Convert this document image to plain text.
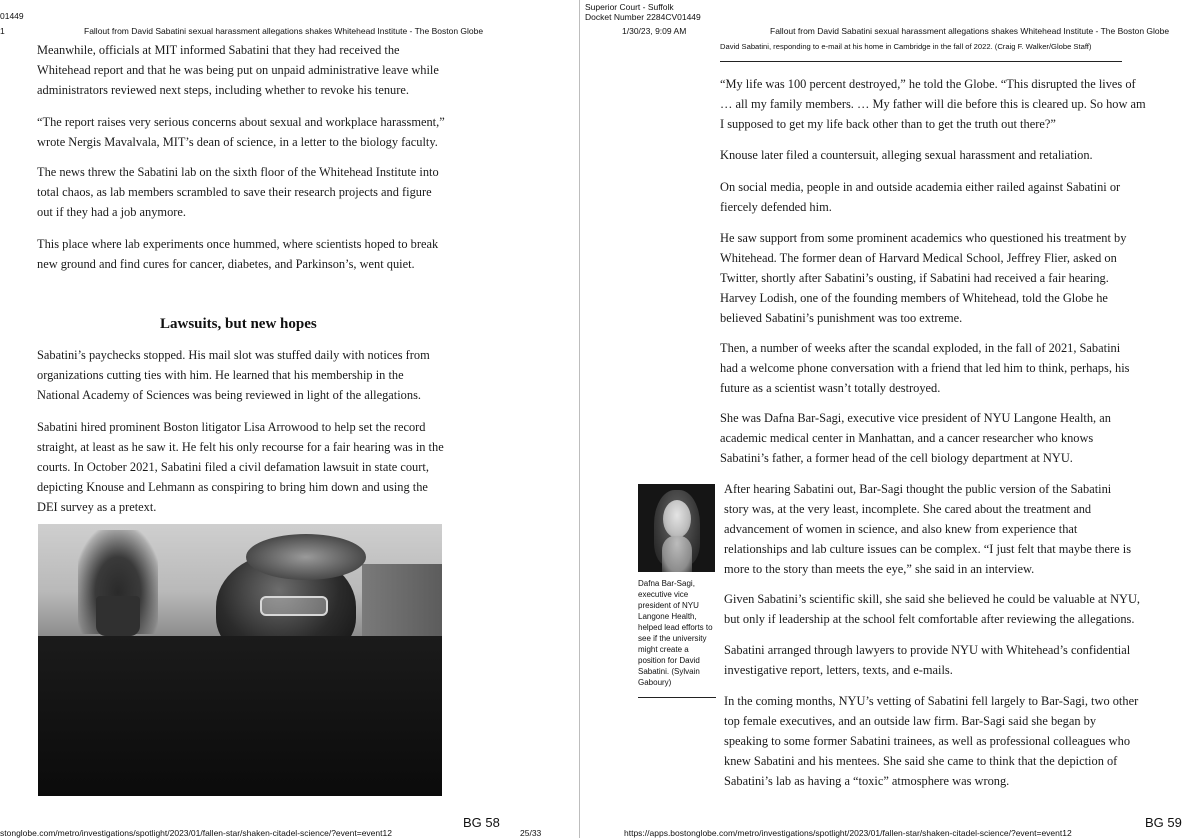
01449
1	Fallout from David Sabatini sexual harassment allegations shakes Whitehead Institute - The Boston Globe
Meanwhile, officials at MIT informed Sabatini that they had received the
Whitehead report and that he was being put on unpaid administrative leave while
administrators reviewed next steps, including whether to revoke his tenure.
“The report raises very serious concerns about sexual and workplace harassment,”
wrote Nergis Mavalvala, MIT’s dean of science, in a letter to the biology faculty.
The news threw the Sabatini lab on the sixth floor of the Whitehead Institute into
total chaos, as lab members scrambled to save their research projects and figure
out if they had a job anymore.
This place where lab experiments once hummed, where scientists hoped to break
new ground and find cures for cancer, diabetes, and Parkinson’s, went quiet.
Lawsuits, but new hopes
Sabatini’s paychecks stopped. His mail slot was stuffed daily with notices from
organizations cutting ties with him. He learned that his membership in the
National Academy of Sciences was being reviewed in light of the allegations.
Sabatini hired prominent Boston litigator Lisa Arrowood to help set the record
straight, at least as he saw it. He felt his only recourse for a fair hearing was in the
courts. In October 2021, Sabatini filed a civil defamation lawsuit in state court,
depicting Knouse and Lehmann as conspiring to bring him down and using the
DEI survey as a pretext.
BG 58
stonglobe.com/metro/investigations/spotlight/2023/01/fallen-star/shaken-citadel-science/?event=event12	25/33
Superior Court - Suffolk
Docket Number 2284CV01449
1/30/23, 9:09 AM	Fallout from David Sabatini sexual harassment allegations shakes Whitehead Institute - The Boston Globe
David Sabatini, responding to e-mail at his home in Cambridge in the fall of 2022. (Craig F. Walker/Globe Staff)
“My life was 100 percent destroyed,” he told the Globe. “This disrupted the lives of
… all my family members. … My father will die before this is cleared up. So how am
I supposed to get my life back other than to get the truth out there?”
Knouse later filed a countersuit, alleging sexual harassment and retaliation.
On social media, people in and outside academia either railed against Sabatini or
fiercely defended him.
He saw support from some prominent academics who questioned his treatment by
Whitehead. The former dean of Harvard Medical School, Jeffrey Flier, asked on
Twitter, shortly after Sabatini’s ousting, if Sabatini had received a fair hearing.
Harvey Lodish, one of the founding members of Whitehead, told the Globe he
believed Sabatini’s punishment was too extreme.
Then, a number of weeks after the scandal exploded, in the fall of 2021, Sabatini
had a welcome phone conversation with a friend that led him to think, perhaps, his
future as a scientist wasn’t totally destroyed.
She was Dafna Bar-Sagi, executive vice president of NYU Langone Health, an
academic medical center in Manhattan, and a cancer researcher who knows
Sabatini’s father, a former head of the cell biology department at NYU.
Dafna Bar-Sagi,
executive vice
president of NYU
Langone Health,
helped lead efforts to
see if the university
might create a
position for David
Sabatini. (Sylvain
Gaboury)
After hearing Sabatini out, Bar-Sagi thought the public version of the Sabatini
story was, at the very least, incomplete. She cared about the treatment and
advancement of women in science, and also knew from experience that
relationships and lab culture issues can be complex. “I just felt that maybe there is
more to the story than meets the eye,” she said in an interview.
Given Sabatini’s scientific skill, she said she believed he could be valuable at NYU,
but only if leadership at the school felt comfortable after reviewing the allegations.
Sabatini arranged through lawyers to provide NYU with Whitehead’s confidential
investigative report, letters, texts, and e-mails.
In the coming months, NYU’s vetting of Sabatini fell largely to Bar-Sagi, two other
top female executives, and an outside law firm. Bar-Sagi said she began by
speaking to some former Sabatini trainees, as well as professional colleagues who
knew Sabatini and his mentees. She said she came to think that the depiction of
Sabatini’s lab as having a “toxic” atmosphere was wrong.
BG 59
https://apps.bostonglobe.com/metro/investigations/spotlight/2023/01/fallen-star/shaken-citadel-science/?event=event12
